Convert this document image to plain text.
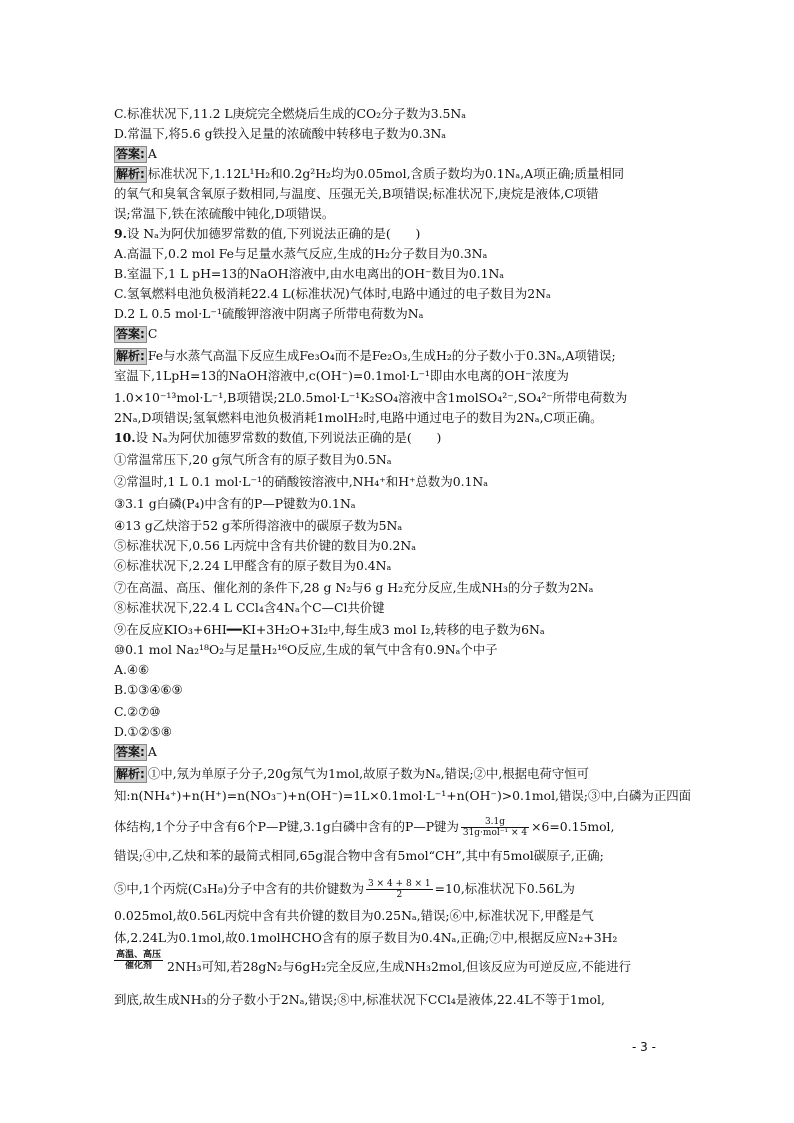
C.标准状况下,11.2 L庚烷完全燃烧后生成的CO₂分子数为3.5Nₐ
D.常温下,将5.6 g铁投入足量的浓硫酸中转移电子数为0.3Nₐ
答案: A
解析: 标准状况下,1.12L¹H₂和0.2g²H₂均为0.05mol,含质子数均为0.1Nₐ,A项正确;质量相同
的氧气和臭氧含氧原子数相同,与温度、压强无关,B项错误;标准状况下,庚烷是液体,C项错
误;常温下,铁在浓硫酸中钝化,D项错误。
9.设 Nₐ为阿伏加德罗常数的值,下列说法正确的是(　　)
A.高温下,0.2 mol Fe与足量水蒸气反应,生成的H₂分子数目为0.3Nₐ
B.室温下,1 L pH=13的NaOH溶液中,由水电离出的OH⁻数目为0.1Nₐ
C.氢氧燃料电池负极消耗22.4 L(标准状况)气体时,电路中通过的电子数目为2Nₐ
D.2 L 0.5 mol·L⁻¹硫酸钾溶液中阴离子所带电荷数为Nₐ
答案: C
解析: Fe与水蒸气高温下反应生成Fe₃O₄而不是Fe₂O₃,生成H₂的分子数小于0.3Nₐ,A项错误;
室温下,1LpH=13的NaOH溶液中,c(OH⁻)=0.1mol·L⁻¹即由水电离的OH⁻浓度为
1.0×10⁻¹³mol·L⁻¹,B项错误;2L0.5mol·L⁻¹K₂SO₄溶液中含1molSO₄²⁻,SO₄²⁻所带电荷数为
2Nₐ,D项错误;氢氧燃料电池负极消耗1molH₂时,电路中通过电子的数目为2Nₐ,C项正确。
10.设 Nₐ为阿伏加德罗常数的数值,下列说法正确的是(　　)
①常温常压下,20 g氖气所含有的原子数目为0.5Nₐ
②常温时,1 L 0.1 mol·L⁻¹的硝酸铵溶液中,NH₄⁺和H⁺总数为0.1Nₐ
③3.1 g白磷(P₄)中含有的P—P键数为0.1Nₐ
④13 g乙炔溶于52 g苯所得溶液中的碳原子数为5Nₐ
⑤标准状况下,0.56 L丙烷中含有共价键的数目为0.2Nₐ
⑥标准状况下,2.24 L甲醛含有的原子数目为0.4Nₐ
⑦在高温、高压、催化剂的条件下,28 g N₂与6 g H₂充分反应,生成NH₃的分子数为2Nₐ
⑧标准状况下,22.4 L CCl₄含4Nₐ个C—Cl共价键
⑨在反应KIO₃+6HI━━KI+3H₂O+3I₂中,每生成3 mol I₂,转移的电子数为6Nₐ
⑩0.1 mol Na₂¹⁸O₂与足量H₂¹⁶O反应,生成的氧气中含有0.9Nₐ个中子
A.④⑥
B.①③④⑥⑨
C.②⑦⑩
D.①②⑤⑧
答案: A
解析: ①中,氖为单原子分子,20g氖气为1mol,故原子数为Nₐ,错误;②中,根据电荷守恒可
知:n(NH₄⁺)+n(H⁺)=n(NO₃⁻)+n(OH⁻)=1L×0.1mol·L⁻¹+n(OH⁻)>0.1mol,错误;③中,白磷为正四面
体结构,1个分子中含有6个P—P键,3.1g白磷中含有的P—P键为 $\frac{3.1g}{\text{31g·mol⁻¹ × 4}} \times 6=0.15mol$,
错误;④中,乙炔和苯的最简式相同,65g混合物中含有5mol“CH”,其中有5mol碳原子,正确;
⑤中,1个丙烷(C₃H₈)分子中含有的共价键数为 $\frac{3 \times 4 + 8 \times 1}{2} =10$,标准状况下0.56L为
0.025mol,故0.56L丙烷中含有共价键的数目为0.25Nₐ,错误;⑥中,标准状况下,甲醛是气
体,2.24L为0.1mol,故0.1molHCHO含有的原子数目为0.4Nₐ,正确;⑦中,根据反应N₂+3H₂
高温、高压
催化剂	2NH₃可知,若28gN₂与6gH₂完全反应,生成NH₃2mol,但该反应为可逆反应,不能进行
到底,故生成NH₃的分子数小于2Nₐ,错误;⑧中,标准状况下CCl₄是液体,22.4L不等于1mol,
- 3 -
